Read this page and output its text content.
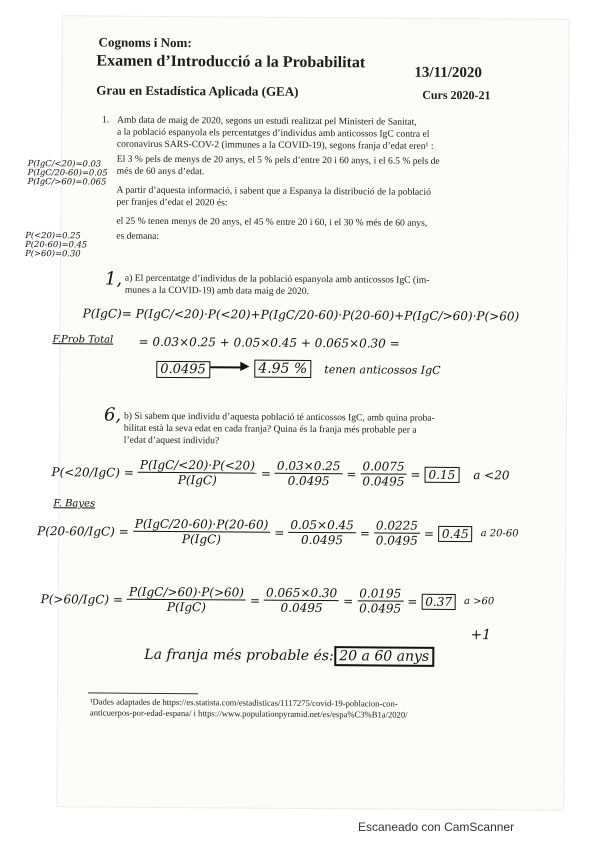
Cognoms i Nom:
Examen d’Introducció a la Probabilitat
13/11/2020
Grau en Estadística Aplicada (GEA)	Curs 2020-21
1. Amb data de maig de 2020, segons un estudi realitzat pel Ministeri de Sanitat,
a la població espanyola els percentatges d’individus amb anticossos IgC contra el
coronavirus SARS-COV-2 (immunes a la COVID-19), segons franja d’edat eren¹ :
El 3 % pels de menys de 20 anys, el 5 % pels d’entre 20 i 60 anys, i el 6.5 % pels de
més de 60 anys d’edat.
A partir d’aquesta informació, i sabent que a Espanya la distribució de la població
per franjes d’edat el 2020 és:
el 25 % tenen menys de 20 anys, el 45 % entre 20 i 60, i el 30 % més de 60 anys,
es demana:
P(IgC/<20)=0.03
P(IgC/20-60)=0.05
P(IgC/>60)=0.065
P(<20)=0.25
P(20-60)=0.45
P(>60)=0.30
1, a) El percentatge d’individus de la població espanyola amb anticossos IgC (im-
munes a la COVID-19) amb data maig de 2020.
P(IgC)= P(IgC/<20)·P(<20)+P(IgC/20-60)·P(20-60)+P(IgC/>60)·P(>60)
F.Prob Total = 0.03×0.25 + 0.05×0.45 + 0.065×0.30 =
0.0495	▶ 4.95 %	tenen anticossos IgC
6, b) Si sabem que individu d’aquesta població té anticossos IgC, amb quina proba-
bilitat està la seva edat en cada franja? Quina és la franja més probable per a
l’edat d’aquest individu?
$P(<20/IgC) = \frac{\text{P(IgC/<20)·P(<20)}}{\text{P(IgC)}} = \frac{0.03\times 0.25}{0.0495} = \frac{0.0075}{0.0495} = 0.15$	a <20
F. Bayes
$P(20-60/IgC) = \frac{\text{P(IgC/20-60)·P(20-60)}}{\text{P(IgC)}} = \frac{0.05\times 0.45}{0.0495} = \frac{0.0225}{0.0495} = 0.45$	a 20-60
$P(>60/IgC) = \frac{\text{P(IgC/>60)·P(>60)}}{\text{P(IgC)}} = \frac{0.065\times 0.30}{0.0495} = \frac{0.0195}{0.0495} = 0.37$	a >60
+1
La franja més probable és: 20 a 60 anys
¹Dades adaptades de https://es.statista.com/estadisticas/1117275/covid-19-poblacion-con-
anticuerpos-por-edad-espana/ i https://www.populationpyramid.net/es/espa%C3%B1a/2020/
Escaneado con CamScanner
